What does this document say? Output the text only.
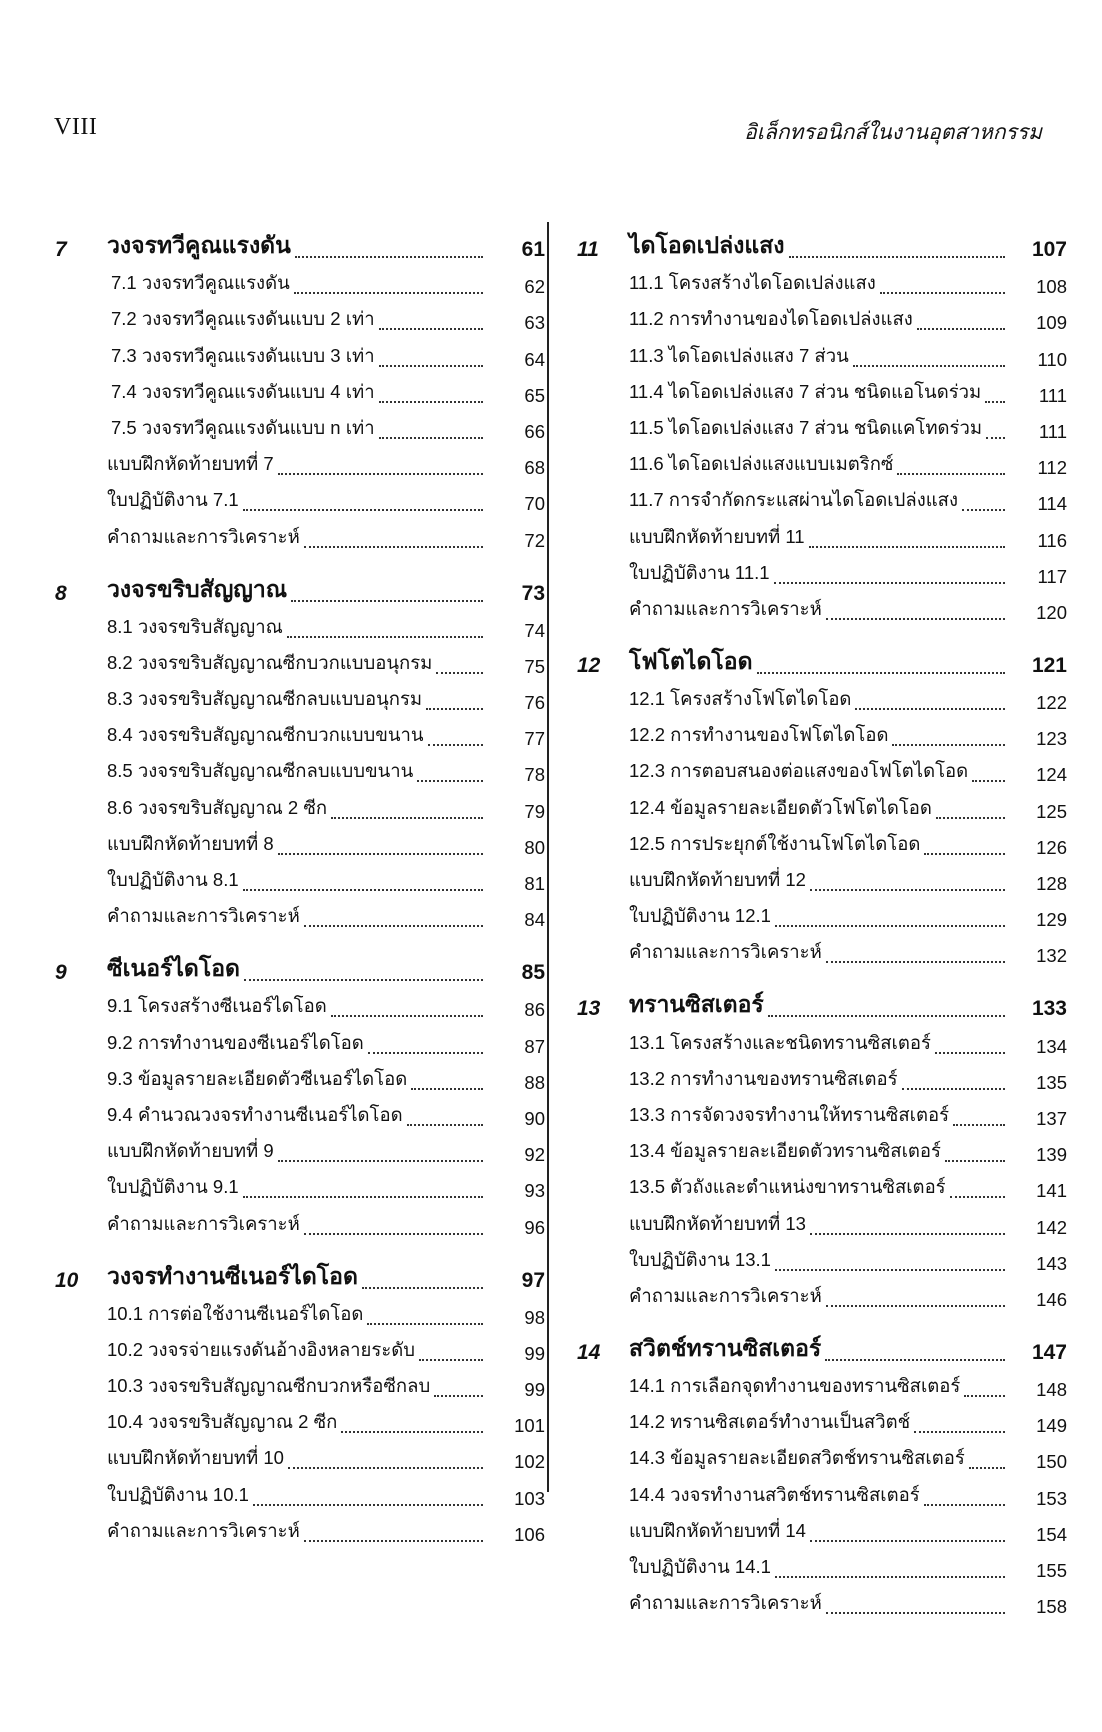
VIII	อิเล็กทรอนิกส์ในงานอุตสาหกรรม
7	วงจรทวีคูณแรงดัน	61
7.1 วงจรทวีคูณแรงดัน	62
7.2 วงจรทวีคูณแรงดันแบบ 2 เท่า	63
7.3 วงจรทวีคูณแรงดันแบบ 3 เท่า	64
7.4 วงจรทวีคูณแรงดันแบบ 4 เท่า	65
7.5 วงจรทวีคูณแรงดันแบบ n เท่า	66
แบบฝึกหัดท้ายบทที่ 7	68
ใบปฏิบัติงาน 7.1	70
คำถามและการวิเคราะห์	72
8	วงจรขริบสัญญาณ	73
8.1 วงจรขริบสัญญาณ	74
8.2 วงจรขริบสัญญาณซีกบวกแบบอนุกรม	75
8.3 วงจรขริบสัญญาณซีกลบแบบอนุกรม	76
8.4 วงจรขริบสัญญาณซีกบวกแบบขนาน	77
8.5 วงจรขริบสัญญาณซีกลบแบบขนาน	78
8.6 วงจรขริบสัญญาณ 2 ซีก	79
แบบฝึกหัดท้ายบทที่ 8	80
ใบปฏิบัติงาน 8.1	81
คำถามและการวิเคราะห์	84
9	ซีเนอร์ไดโอด	85
9.1 โครงสร้างซีเนอร์ไดโอด	86
9.2 การทำงานของซีเนอร์ไดโอด	87
9.3 ข้อมูลรายละเอียดตัวซีเนอร์ไดโอด	88
9.4 คำนวณวงจรทำงานซีเนอร์ไดโอด	90
แบบฝึกหัดท้ายบทที่ 9	92
ใบปฏิบัติงาน 9.1	93
คำถามและการวิเคราะห์	96
10	วงจรทำงานซีเนอร์ไดโอด	97
10.1 การต่อใช้งานซีเนอร์ไดโอด	98
10.2 วงจรจ่ายแรงดันอ้างอิงหลายระดับ	99
10.3 วงจรขริบสัญญาณซีกบวกหรือซีกลบ	99
10.4 วงจรขริบสัญญาณ 2 ซีก	101
แบบฝึกหัดท้ายบทที่ 10	102
ใบปฏิบัติงาน 10.1	103
คำถามและการวิเคราะห์	106
11	ไดโอดเปล่งแสง	107
11.1 โครงสร้างไดโอดเปล่งแสง	108
11.2 การทำงานของไดโอดเปล่งแสง	109
11.3 ไดโอดเปล่งแสง 7 ส่วน	110
11.4 ไดโอดเปล่งแสง 7 ส่วน ชนิดแอโนดร่วม	111
11.5 ไดโอดเปล่งแสง 7 ส่วน ชนิดแคโทดร่วม	111
11.6 ไดโอดเปล่งแสงแบบเมตริกซ์	112
11.7 การจำกัดกระแสผ่านไดโอดเปล่งแสง	114
แบบฝึกหัดท้ายบทที่ 11	116
ใบปฏิบัติงาน 11.1	117
คำถามและการวิเคราะห์	120
12	โฟโตไดโอด	121
12.1 โครงสร้างโฟโตไดโอด	122
12.2 การทำงานของโฟโตไดโอด	123
12.3 การตอบสนองต่อแสงของโฟโตไดโอด	124
12.4 ข้อมูลรายละเอียดตัวโฟโตไดโอด	125
12.5 การประยุกต์ใช้งานโฟโตไดโอด	126
แบบฝึกหัดท้ายบทที่ 12	128
ใบปฏิบัติงาน 12.1	129
คำถามและการวิเคราะห์	132
13	ทรานซิสเตอร์	133
13.1 โครงสร้างและชนิดทรานซิสเตอร์	134
13.2 การทำงานของทรานซิสเตอร์	135
13.3 การจัดวงจรทำงานให้ทรานซิสเตอร์	137
13.4 ข้อมูลรายละเอียดตัวทรานซิสเตอร์	139
13.5 ตัวถังและตำแหน่งขาทรานซิสเตอร์	141
แบบฝึกหัดท้ายบทที่ 13	142
ใบปฏิบัติงาน 13.1	143
คำถามและการวิเคราะห์	146
14	สวิตช์ทรานซิสเตอร์	147
14.1 การเลือกจุดทำงานของทรานซิสเตอร์	148
14.2 ทรานซิสเตอร์ทำงานเป็นสวิตช์	149
14.3 ข้อมูลรายละเอียดสวิตช์ทรานซิสเตอร์	150
14.4 วงจรทำงานสวิตช์ทรานซิสเตอร์	153
แบบฝึกหัดท้ายบทที่ 14	154
ใบปฏิบัติงาน 14.1	155
คำถามและการวิเคราะห์	158
